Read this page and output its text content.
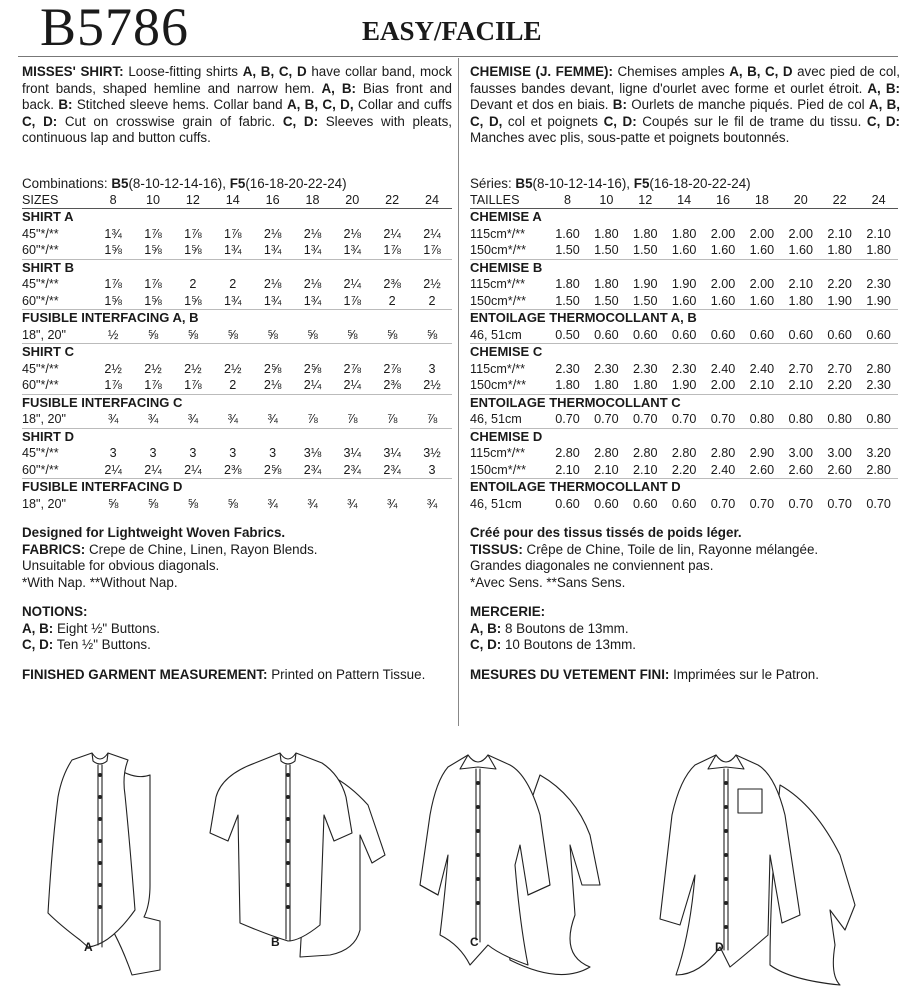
B5786	EASY/FACILE

MISSES' SHIRT: Loose-fitting shirts A, B, C, D have collar band, mock front bands, shaped hemline and narrow hem. A, B: Bias front and back. B: Stitched sleeve hems. Collar band A, B, C, D, Collar and cuffs C, D: Cut on crosswise grain of fabric. C, D: Sleeves with pleats, continuous lap and button cuffs.

Combinations: B5(8-10-12-14-16), F5(16-18-20-22-24)

SIZES	8	10	12	14	16	18	20	22	24
SHIRT A									
45"*/**	1¾	1⅞	1⅞	1⅞	2⅛	2⅛	2⅛	2¼	2¼
60"*/**	1⅝	1⅝	1⅝	1¾	1¾	1¾	1¾	1⅞	1⅞
SHIRT B									
45"*/**	1⅞	1⅞	2	2	2⅛	2⅛	2¼	2⅜	2½
60"*/**	1⅝	1⅝	1⅝	1¾	1¾	1¾	1⅞	2	2
FUSIBLE INTERFACING A, B									
18", 20"	½	⅝	⅝	⅝	⅝	⅝	⅝	⅝	⅝
SHIRT C									
45"*/**	2½	2½	2½	2½	2⅝	2⅝	2⅞	2⅞	3
60"*/**	1⅞	1⅞	1⅞	2	2⅛	2¼	2¼	2⅜	2½
FUSIBLE INTERFACING C									
18", 20"	¾	¾	¾	¾	¾	⅞	⅞	⅞	⅞
SHIRT D									
45"*/**	3	3	3	3	3	3⅛	3¼	3¼	3½
60"*/**	2¼	2¼	2¼	2⅜	2⅝	2¾	2¾	2¾	3
FUSIBLE INTERFACING D									
18", 20"	⅝	⅝	⅝	⅝	¾	¾	¾	¾	¾

Designed for Lightweight Woven Fabrics.

FABRICS: Crepe de Chine, Linen, Rayon Blends.

Unsuitable for obvious diagonals.

*With Nap. **Without Nap.

NOTIONS:

A, B: Eight ½" Buttons.

C, D: Ten ½" Buttons.

FINISHED GARMENT MEASUREMENT: Printed on Pattern Tissue.

CHEMISE (J. FEMME): Chemises amples A, B, C, D avec pied de col, fausses bandes devant, ligne d'ourlet avec forme et ourlet étroit. A, B: Devant et dos en biais. B: Ourlets de manche piqués. Pied de col A, B, C, D, col et poignets C, D: Coupés sur le fil de trame du tissu. C, D: Manches avec plis, sous-patte et poignets boutonnés.

Séries: B5(8-10-12-14-16), F5(16-18-20-22-24)

TAILLES	8	10	12	14	16	18	20	22	24
CHEMISE A									
115cm*/**	1.60	1.80	1.80	1.80	2.00	2.00	2.00	2.10	2.10
150cm*/**	1.50	1.50	1.50	1.60	1.60	1.60	1.60	1.80	1.80
CHEMISE B									
115cm*/**	1.80	1.80	1.90	1.90	2.00	2.00	2.10	2.20	2.30
150cm*/**	1.50	1.50	1.50	1.60	1.60	1.60	1.80	1.90	1.90
ENTOILAGE THERMOCOLLANT A, B									
46, 51cm	0.50	0.60	0.60	0.60	0.60	0.60	0.60	0.60	0.60
CHEMISE C									
115cm*/**	2.30	2.30	2.30	2.30	2.40	2.40	2.70	2.70	2.80
150cm*/**	1.80	1.80	1.80	1.90	2.00	2.10	2.10	2.20	2.30
ENTOILAGE THERMOCOLLANT C									
46, 51cm	0.70	0.70	0.70	0.70	0.70	0.80	0.80	0.80	0.80
CHEMISE D									
115cm*/**	2.80	2.80	2.80	2.80	2.80	2.90	3.00	3.00	3.20
150cm*/**	2.10	2.10	2.10	2.20	2.40	2.60	2.60	2.60	2.80
ENTOILAGE THERMOCOLLANT D									
46, 51cm	0.60	0.60	0.60	0.60	0.70	0.70	0.70	0.70	0.70

Créé pour des tissus tissés de poids léger.

TISSUS: Crêpe de Chine, Toile de lin, Rayonne mélangée.

Grandes diagonales ne conviennent pas.

*Avec Sens. **Sans Sens.

MERCERIE:

A, B: 8 Boutons de 13mm.

C, D: 10 Boutons de 13mm.

MESURES DU VETEMENT FINI: Imprimées sur le Patron.

A	B	C	D
